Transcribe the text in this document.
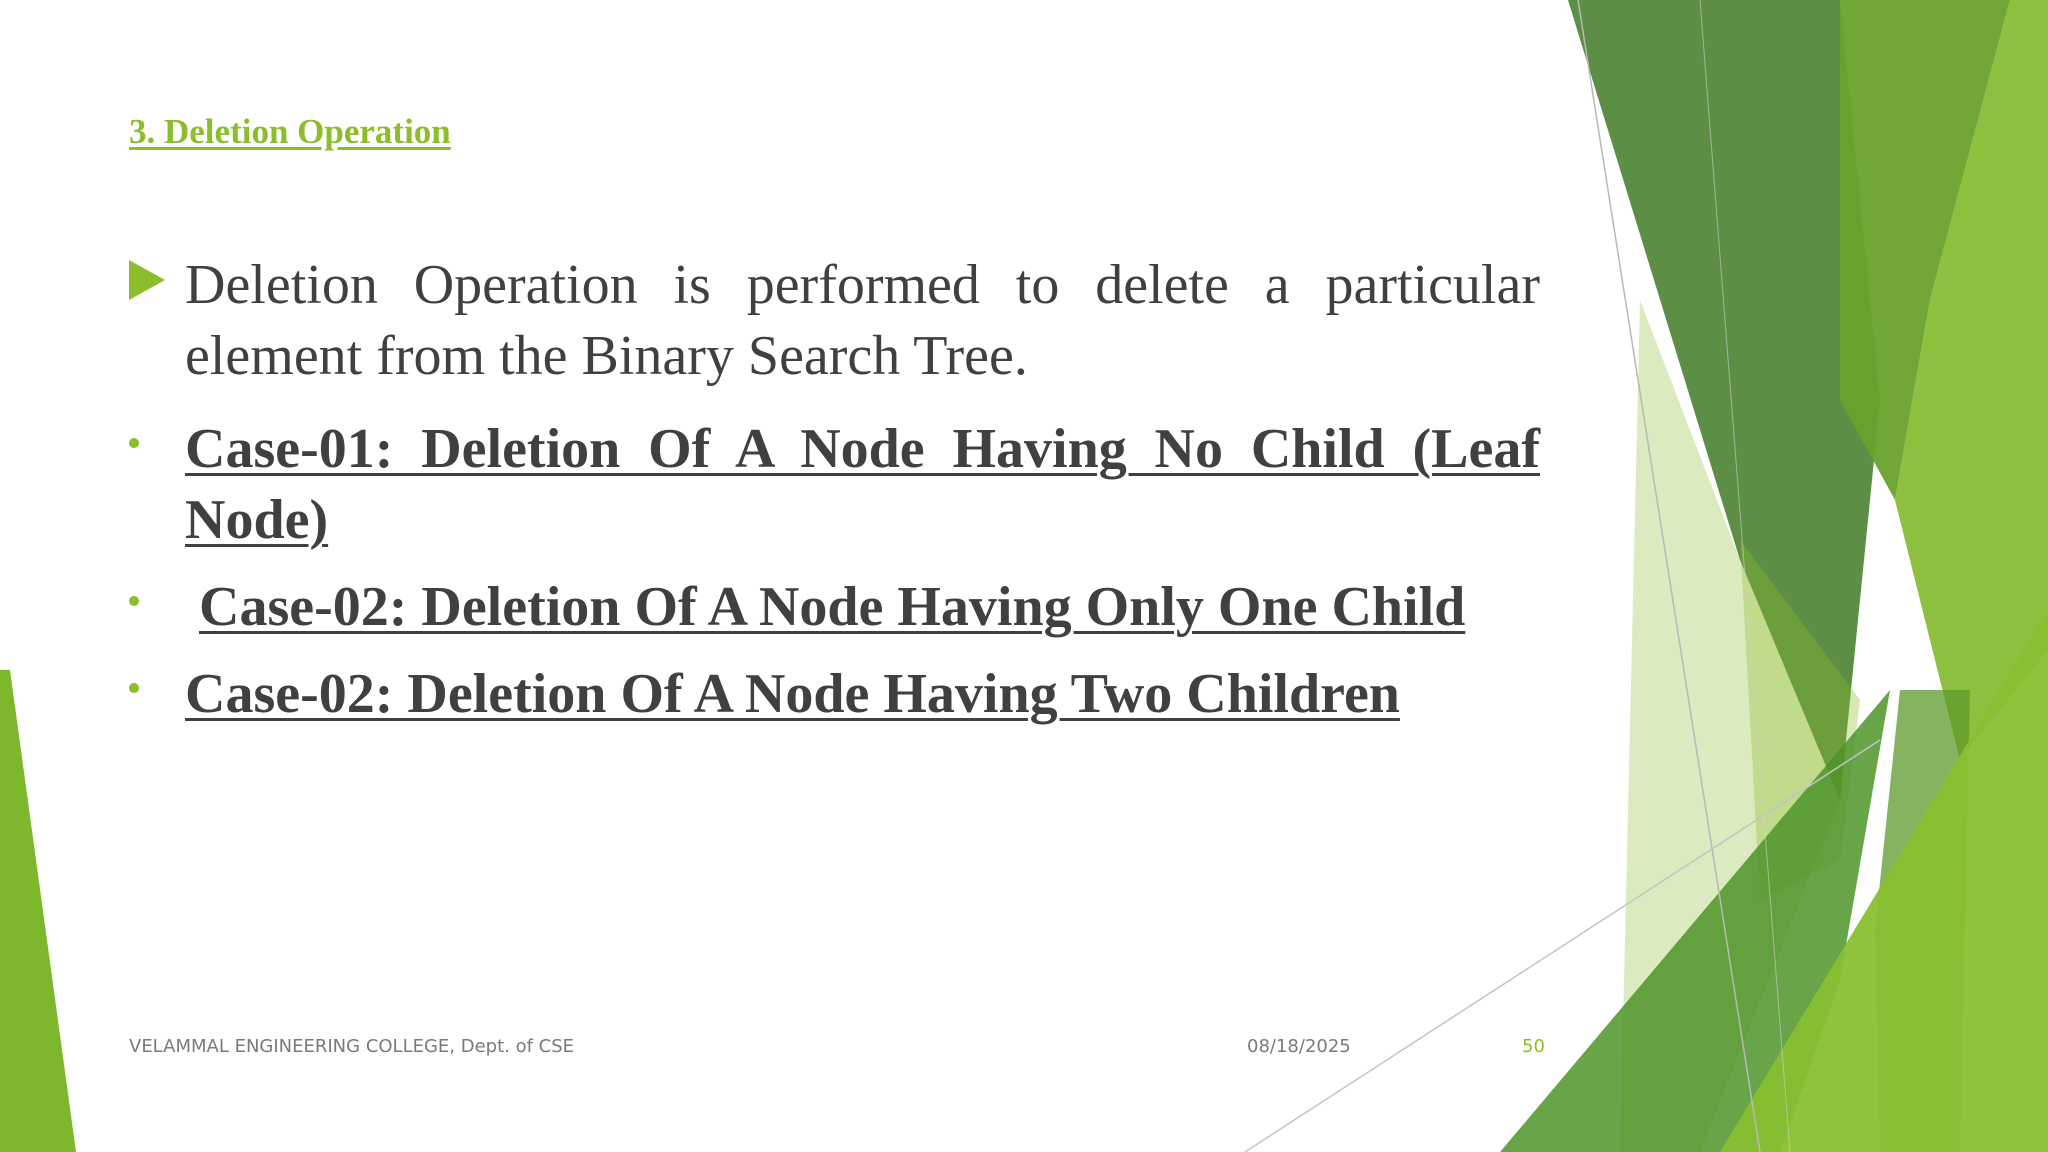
3. Deletion Operation
Deletion Operation is performed to delete a particular element from the Binary Search Tree.
Case-01: Deletion Of A Node Having No Child (Leaf Node)
Case-02: Deletion Of A Node Having Only One Child
Case-02: Deletion Of A Node Having Two Children

VELAMMAL ENGINEERING COLLEGE, Dept. of CSE	08/18/2025	50
